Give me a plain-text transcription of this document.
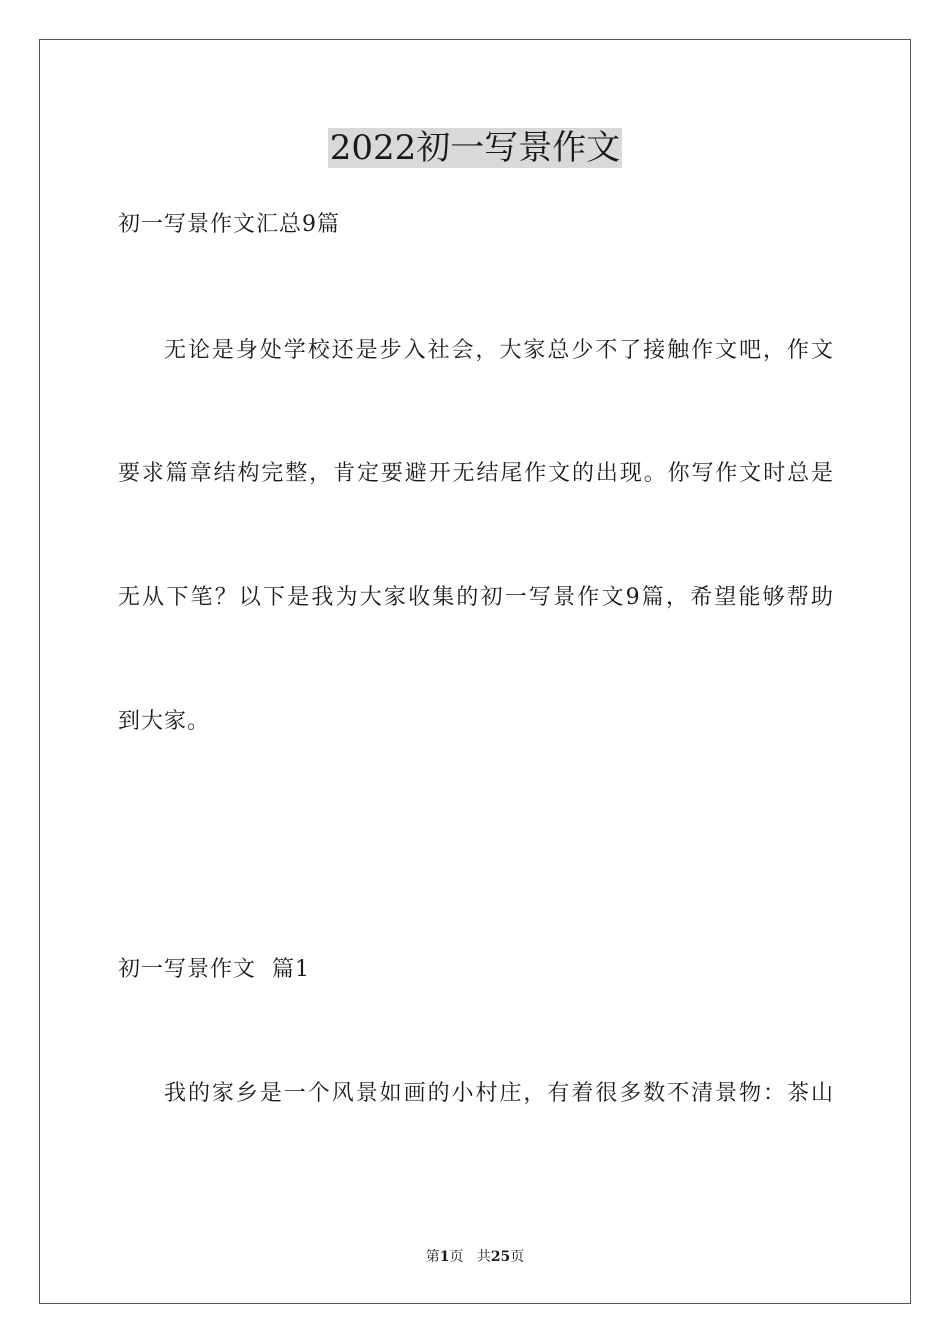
2022初一写景作文
初一写景作文汇总9篇
无论是身处学校还是步入社会，大家总少不了接触作文吧，作文
要求篇章结构完整，肯定要避开无结尾作文的出现。你写作文时总是
无从下笔？以下是我为大家收集的初一写景作文9篇，希望能够帮助
到大家。
初一写景作文  篇1
我的家乡是一个风景如画的小村庄，有着很多数不清景物：茶山
第1页 共25页
